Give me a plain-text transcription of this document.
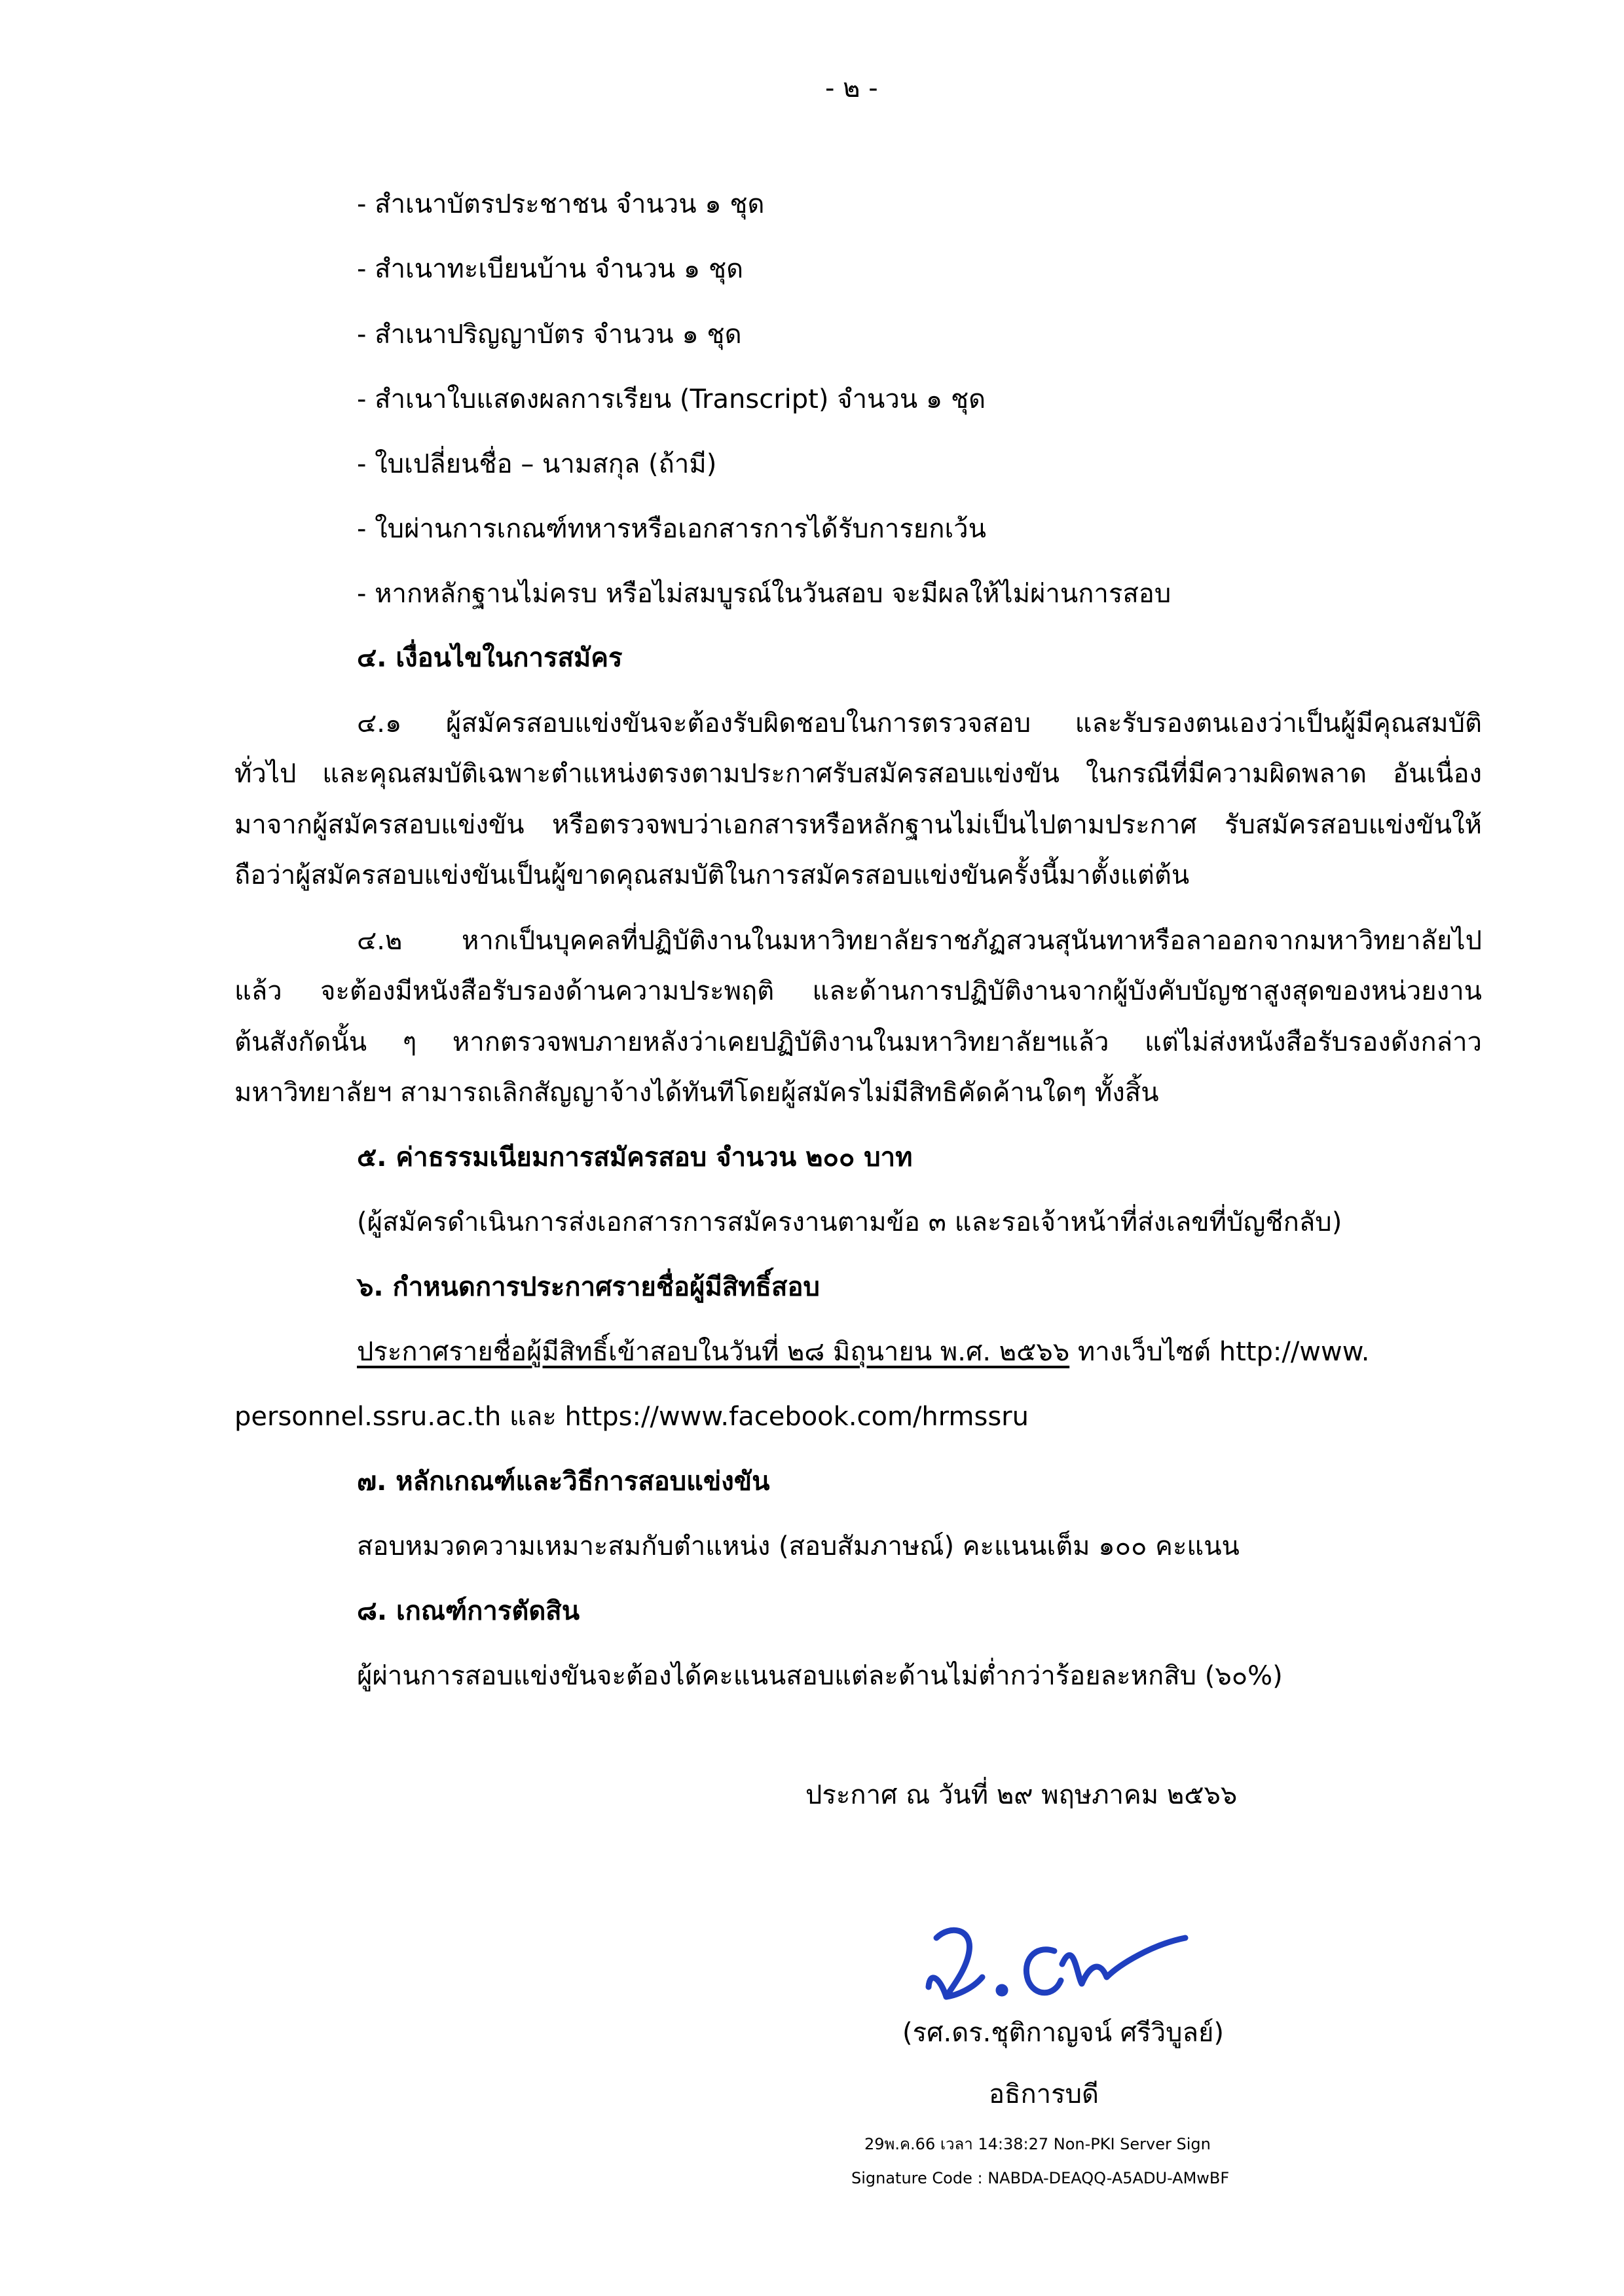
- ๒ -
- สำเนาบัตรประชาชน จำนวน ๑ ชุด
- สำเนาทะเบียนบ้าน จำนวน ๑ ชุด
- สำเนาปริญญาบัตร จำนวน ๑ ชุด
- สำเนาใบแสดงผลการเรียน (Transcript) จำนวน ๑ ชุด
- ใบเปลี่ยนชื่อ – นามสกุล (ถ้ามี)
- ใบผ่านการเกณฑ์ทหารหรือเอกสารการได้รับการยกเว้น
- หากหลักฐานไม่ครบ หรือไม่สมบูรณ์ในวันสอบ จะมีผลให้ไม่ผ่านการสอบ
๔. เงื่อนไขในการสมัคร
๔.๑ ผู้สมัครสอบแข่งขันจะต้องรับผิดชอบในการตรวจสอบ และรับรองตนเองว่าเป็นผู้มีคุณสมบัติ
ทั่วไป และคุณสมบัติเฉพาะตำแหน่งตรงตามประกาศรับสมัครสอบแข่งขัน ในกรณีที่มีความผิดพลาด อันเนื่อง
มาจากผู้สมัครสอบแข่งขัน หรือตรวจพบว่าเอกสารหรือหลักฐานไม่เป็นไปตามประกาศ รับสมัครสอบแข่งขันให้
ถือว่าผู้สมัครสอบแข่งขันเป็นผู้ขาดคุณสมบัติในการสมัครสอบแข่งขันครั้งนี้มาตั้งแต่ต้น
๔.๒ หากเป็นบุคคลที่ปฏิบัติงานในมหาวิทยาลัยราชภัฏสวนสุนันทาหรือลาออกจากมหาวิทยาลัยไป
แล้ว จะต้องมีหนังสือรับรองด้านความประพฤติ และด้านการปฏิบัติงานจากผู้บังคับบัญชาสูงสุดของหน่วยงาน
ต้นสังกัดนั้น ๆ หากตรวจพบภายหลังว่าเคยปฏิบัติงานในมหาวิทยาลัยฯแล้ว แต่ไม่ส่งหนังสือรับรองดังกล่าว
มหาวิทยาลัยฯ สามารถเลิกสัญญาจ้างได้ทันทีโดยผู้สมัครไม่มีสิทธิคัดค้านใดๆ ทั้งสิ้น
๕. ค่าธรรมเนียมการสมัครสอบ จำนวน ๒๐๐ บาท
(ผู้สมัครดำเนินการส่งเอกสารการสมัครงานตามข้อ ๓ และรอเจ้าหน้าที่ส่งเลขที่บัญชีกลับ)
๖. กำหนดการประกาศรายชื่อผู้มีสิทธิ์สอบ
ประกาศรายชื่อผู้มีสิทธิ์เข้าสอบในวันที่ ๒๘ มิถุนายน พ.ศ. ๒๕๖๖ ทางเว็บไซต์ http://www.
personnel.ssru.ac.th และ https://www.facebook.com/hrmssru
๗. หลักเกณฑ์และวิธีการสอบแข่งขัน
สอบหมวดความเหมาะสมกับตำแหน่ง (สอบสัมภาษณ์) คะแนนเต็ม ๑๐๐ คะแนน
๘. เกณฑ์การตัดสิน
ผู้ผ่านการสอบแข่งขันจะต้องได้คะแนนสอบแต่ละด้านไม่ต่ำกว่าร้อยละหกสิบ (๖๐%)
ประกาศ ณ วันที่ ๒๙ พฤษภาคม ๒๕๖๖
(รศ.ดร.ชุติกาญจน์ ศรีวิบูลย์)
อธิการบดี
29พ.ค.66 เวลา 14:38:27 Non-PKI Server Sign
Signature Code : NABDA-DEAQQ-A5ADU-AMwBF
